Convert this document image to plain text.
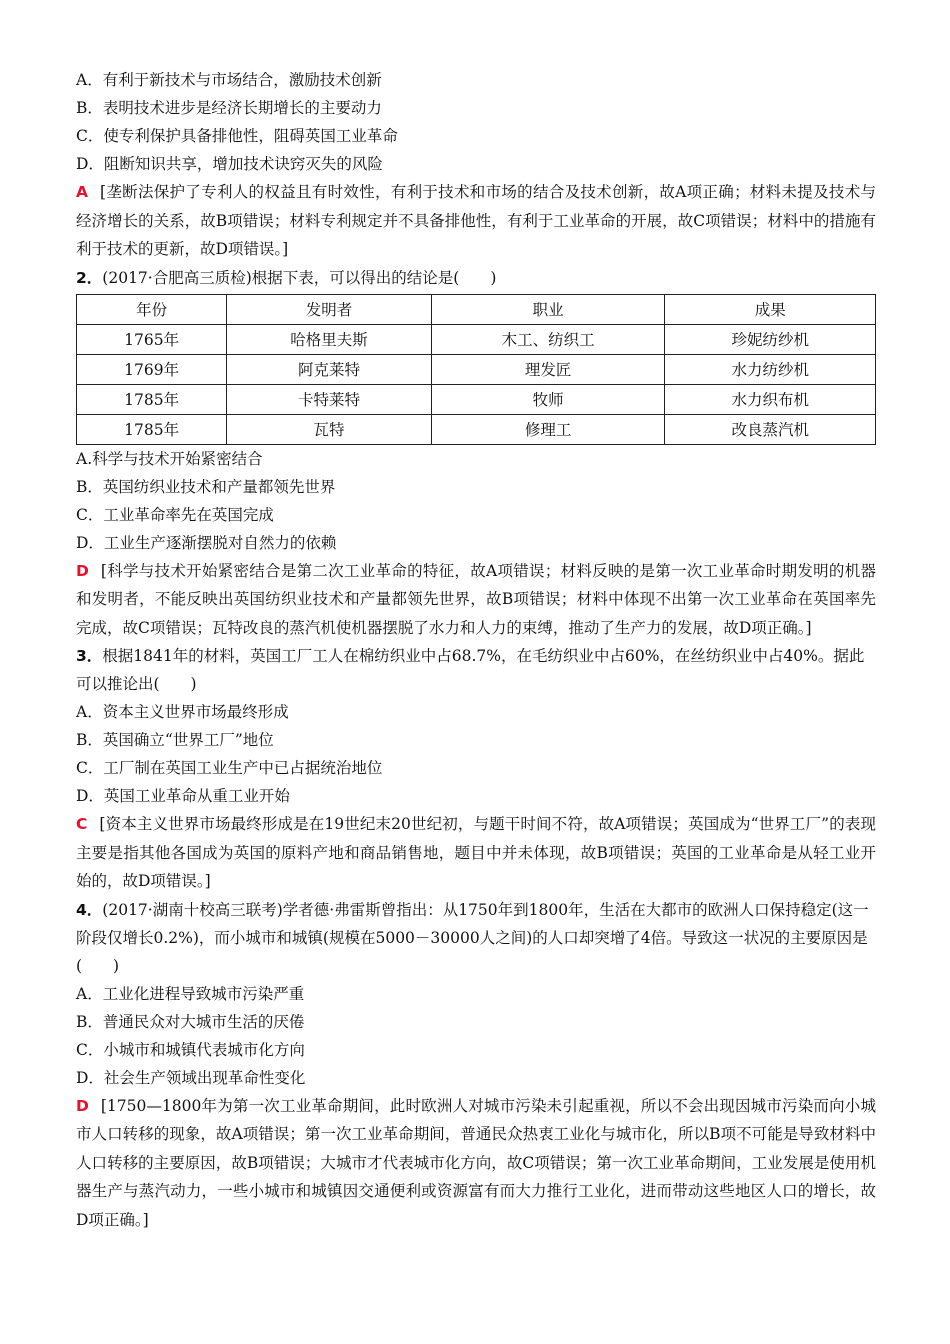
A．有利于新技术与市场结合，激励技术创新
B．表明技术进步是经济长期增长的主要动力
C．使专利保护具备排他性，阻碍英国工业革命
D．阻断知识共享，增加技术诀窍灭失的风险
A [垄断法保护了专利人的权益且有时效性，有利于技术和市场的结合及技术创新，故A项正确；材料未提及技术与经济增长的关系，故B项错误；材料专利规定并不具备排他性，有利于工业革命的开展，故C项错误；材料中的措施有利于技术的更新，故D项错误。]
2．(2017·合肥高三质检)根据下表，可以得出的结论是(　　)
年份	发明者	职业	成果
1765年	哈格里夫斯	木工、纺织工	珍妮纺纱机
1769年	阿克莱特	理发匠	水力纺纱机
1785年	卡特莱特	牧师	水力织布机
1785年	瓦特	修理工	改良蒸汽机
A.科学与技术开始紧密结合
B．英国纺织业技术和产量都领先世界
C．工业革命率先在英国完成
D．工业生产逐渐摆脱对自然力的依赖
D [科学与技术开始紧密结合是第二次工业革命的特征，故A项错误；材料反映的是第一次工业革命时期发明的机器和发明者，不能反映出英国纺织业技术和产量都领先世界，故B项错误；材料中体现不出第一次工业革命在英国率先完成，故C项错误；瓦特改良的蒸汽机使机器摆脱了水力和人力的束缚，推动了生产力的发展，故D项正确。]
3．根据1841年的材料，英国工厂工人在棉纺织业中占68.7%，在毛纺织业中占60%，在丝纺织业中占40%。据此可以推论出(　　)
A．资本主义世界市场最终形成
B．英国确立“世界工厂”地位
C．工厂制在英国工业生产中已占据统治地位
D．英国工业革命从重工业开始
C [资本主义世界市场最终形成是在19世纪末20世纪初，与题干时间不符，故A项错误；英国成为“世界工厂”的表现主要是指其他各国成为英国的原料产地和商品销售地，题目中并未体现，故B项错误；英国的工业革命是从轻工业开始的，故D项错误。]
4．(2017·湖南十校高三联考)学者德·弗雷斯曾指出：从1750年到1800年，生活在大都市的欧洲人口保持稳定(这一阶段仅增长0.2%)，而小城市和城镇(规模在5000－30000人之间)的人口却突增了4倍。导致这一状况的主要原因是(　　)
A．工业化进程导致城市污染严重
B．普通民众对大城市生活的厌倦
C．小城市和城镇代表城市化方向
D．社会生产领域出现革命性变化
D [1750—1800年为第一次工业革命期间，此时欧洲人对城市污染未引起重视，所以不会出现因城市污染而向小城市人口转移的现象，故A项错误；第一次工业革命期间，普通民众热衷工业化与城市化，所以B项不可能是导致材料中人口转移的主要原因，故B项错误；大城市才代表城市化方向，故C项错误；第一次工业革命期间，工业发展是使用机器生产与蒸汽动力，一些小城市和城镇因交通便利或资源富有而大力推行工业化，进而带动这些地区人口的增长，故D项正确。]
